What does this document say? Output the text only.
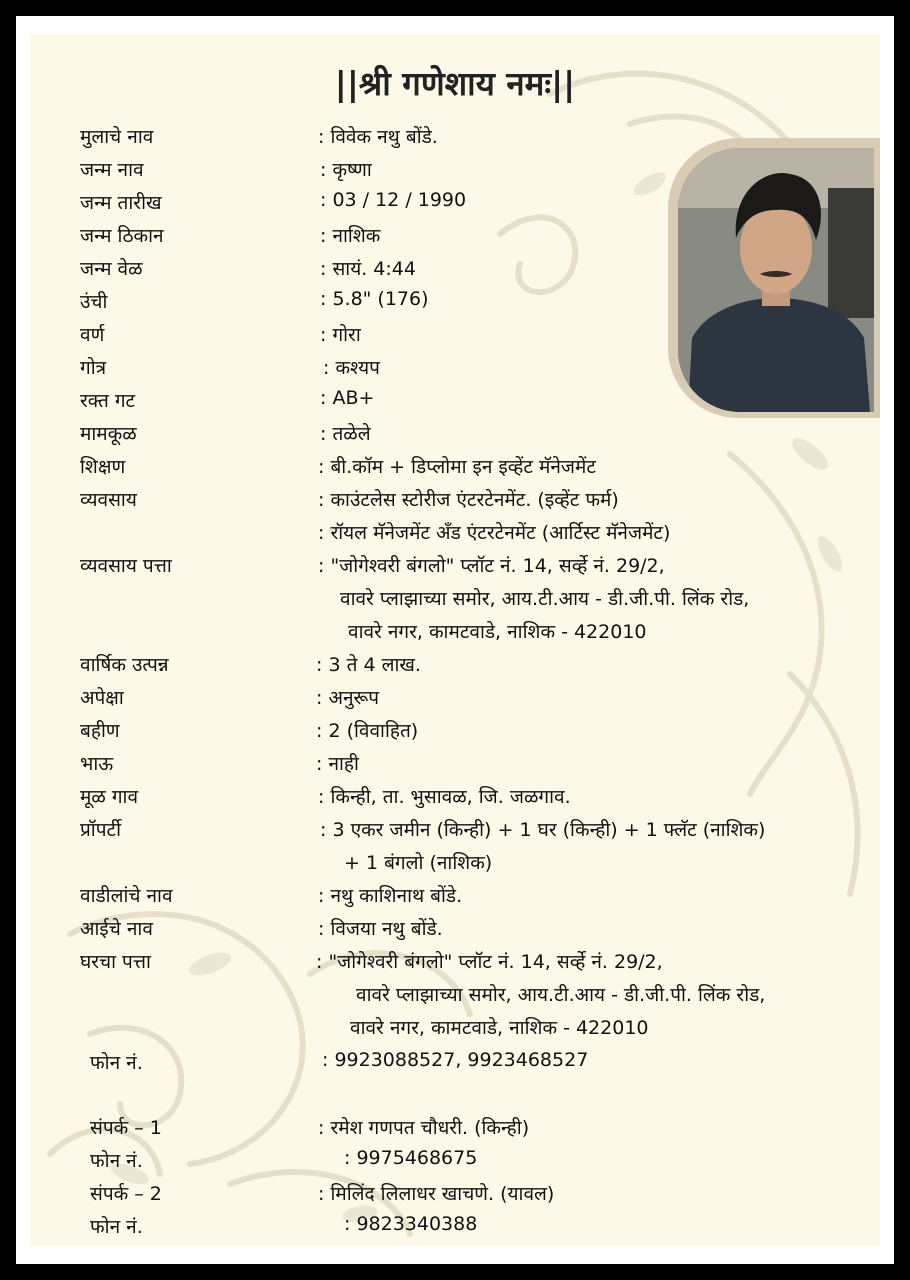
||श्री गणेशाय नमः||
मुलाचे नाव	: विवेक नथु बोंडे.
जन्म नाव	: कृष्णा
जन्म तारीख	: 03 / 12 / 1990
जन्म ठिकान	: नाशिक
जन्म वेळ	: सायं. 4:44
उंची	: 5.8" (176)
वर्ण	: गोरा
गोत्र	: कश्यप
रक्त गट	: AB+
मामकूळ	: तळेले
शिक्षण	: बी.कॉम + डिप्लोमा इन इव्हेंट मॅनेजमेंट
व्यवसाय	: काउंटलेस स्टोरीज एंटरटेनमेंट. (इव्हेंट फर्म)
: रॉयल मॅनेजमेंट अँड एंटरटेनमेंट (आर्टिस्ट मॅनेजमेंट)
व्यवसाय पत्ता	: "जोगेश्वरी बंगलो" प्लॉट नं. 14, सर्व्हे नं. 29/2,
वावरे प्लाझाच्या समोर, आय.टी.आय - डी.जी.पी. लिंक रोड,
वावरे नगर, कामटवाडे, नाशिक - 422010
वार्षिक उत्पन्न	: 3 ते 4 लाख.
अपेक्षा	: अनुरूप
बहीण	: 2 (विवाहित)
भाऊ	: नाही
मूळ गाव	: किन्ही, ता. भुसावळ, जि. जळगाव.
प्रॉपर्टी	: 3 एकर जमीन (किन्ही) + 1 घर (किन्ही) + 1 फ्लॅट (नाशिक)
+ 1 बंगलो (नाशिक)
वाडीलांचे नाव	: नथु काशिनाथ बोंडे.
आईचे नाव	: विजया नथु बोंडे.
घरचा पत्ता	: "जोगेश्वरी बंगलो" प्लॉट नं. 14, सर्व्हे नं. 29/2,
वावरे प्लाझाच्या समोर, आय.टी.आय - डी.जी.पी. लिंक रोड,
वावरे नगर, कामटवाडे, नाशिक - 422010
फोन नं.	: 9923088527, 9923468527
संपर्क – 1	: रमेश गणपत चौधरी. (किन्ही)
फोन नं.	: 9975468675
संपर्क – 2	: मिलिंद लिलाधर खाचणे. (यावल)
फोन नं.	: 9823340388
